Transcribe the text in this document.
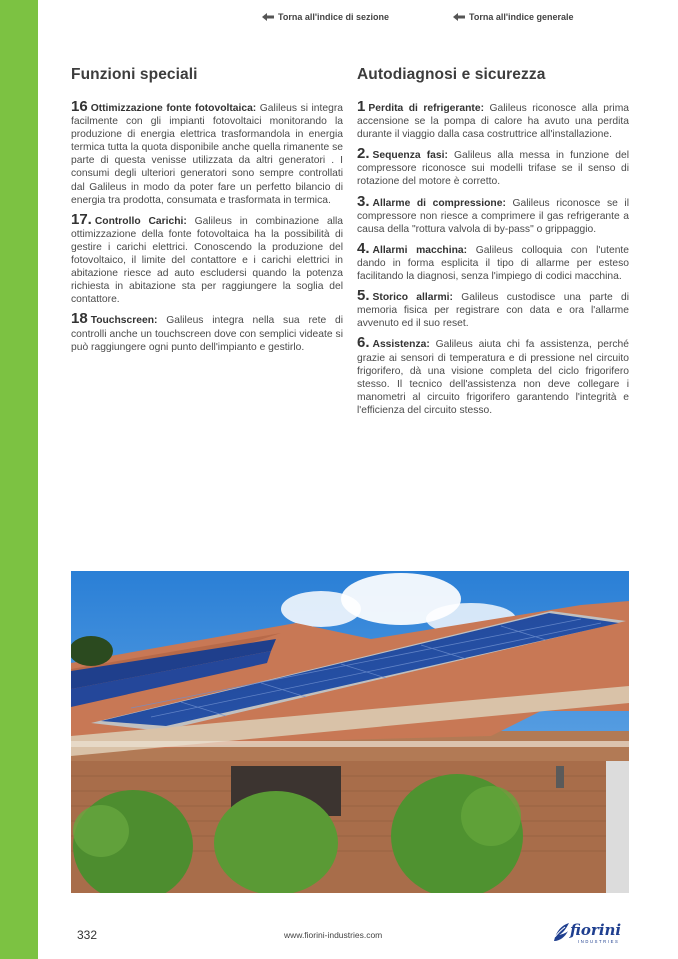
Torna all'indice di sezione	Torna all'indice generale
Funzioni speciali

16 Ottimizzazione fonte fotovoltaica: Galileus si integra facilmente con gli impianti fotovoltaici monitorando la produzione di energia elettrica trasformandola in energia termica tutta la quota disponibile anche quella rimanente se parte di questa venisse utilizzata da altri generatori . I consumi degli ulteriori generatori sono sempre controllati dal Galileus in modo da poter fare un perfetto bilancio di energia tra prodotta, consumata e trasformata in termica.

17. Controllo Carichi: Galileus in combinazione alla ottimizzazione della fonte fotovoltaica ha la possibilità di gestire i carichi elettrici. Conoscendo la produzione del fotovoltaico, il limite del contattore e i carichi elettrici in abitazione riesce ad auto escludersi quando la potenza richiesta in abitazione sta per raggiungere la soglia del contattore.

18 Touchscreen: Galileus integra nella sua rete di controlli anche un touchscreen dove con semplici videate si può raggiungere ogni punto dell'impianto e gestirlo.

Autodiagnosi e sicurezza

1 Perdita di refrigerante: Galileus riconosce alla prima accensione se la pompa di calore ha avuto una perdita durante il viaggio dalla casa costruttrice all'installazione.

2. Sequenza fasi: Galileus alla messa in funzione del compressore riconosce sui modelli trifase se il senso di rotazione del motore è corretto.

3. Allarme di compressione: Galileus riconosce se il compressore non riesce a comprimere il gas refrigerante a causa della "rottura valvola di by-pass" o grippaggio.

4. Allarmi macchina: Galileus colloquia con l'utente dando in forma esplicita il tipo di allarme per esteso facilitando la diagnosi, senza l'impiego di codici macchina.

5. Storico allarmi: Galileus custodisce una parte di memoria fisica per registrare con data e ora l'allarme avvenuto ed il suo reset.

6. Assistenza: Galileus aiuta chi fa assistenza, perché grazie ai sensori di temperatura e di pressione nel circuito frigorifero, dà una visione completa del ciclo frigorifero stesso. Il tecnico dell'assistenza non deve collegare i manometri al circuito frigorifero garantendo l'integrità e l'efficienza del circuito stesso.

332	www.fiorini-industries.com	fiorini
INDUSTRIES
